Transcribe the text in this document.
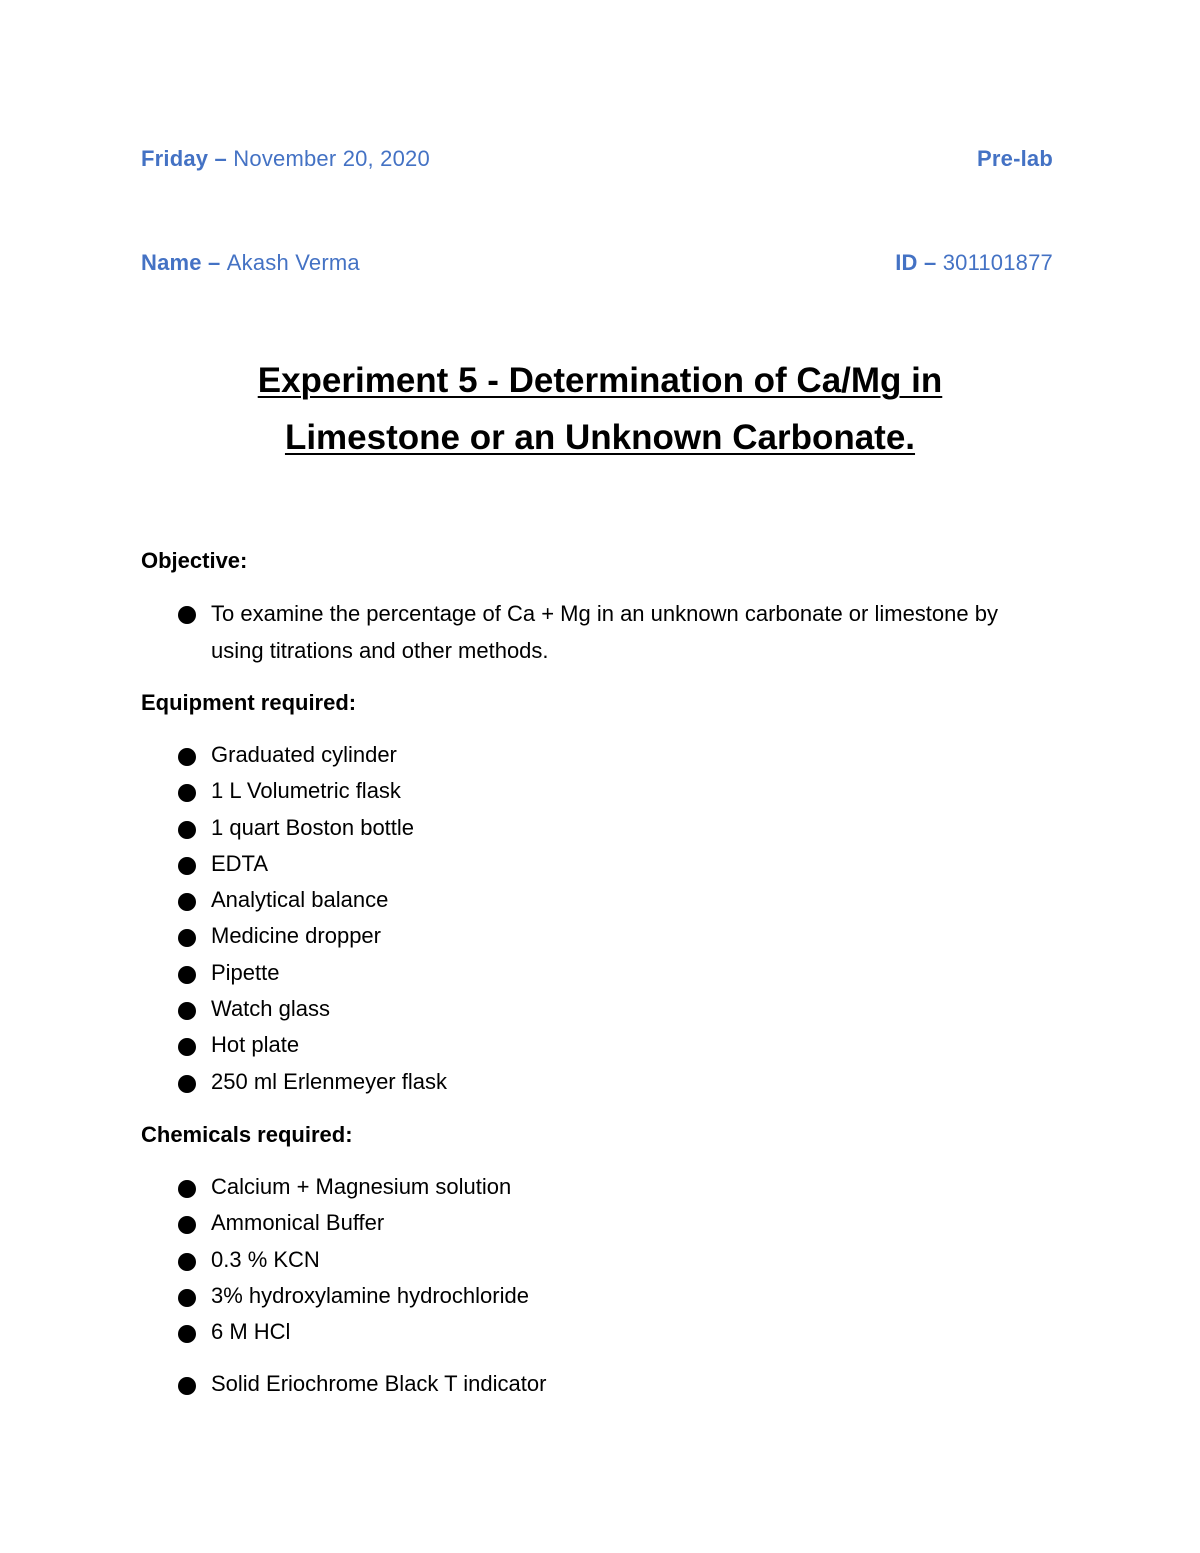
Friday – November 20, 2020	Pre-lab
Name – Akash Verma	ID – 301101877
Experiment 5 - Determination of Ca/Mg in
Limestone or an Unknown Carbonate.
Objective:
To examine the percentage of Ca + Mg in an unknown carbonate or limestone by using titrations and other methods.
Equipment required:
Graduated cylinder
1 L Volumetric flask
1 quart Boston bottle
EDTA
Analytical balance
Medicine dropper
Pipette
Watch glass
Hot plate
250 ml Erlenmeyer flask
Chemicals required:
Calcium + Magnesium solution
Ammonical Buffer
0.3 % KCN
3% hydroxylamine hydrochloride
6 M HCl
Solid Eriochrome Black T indicator
